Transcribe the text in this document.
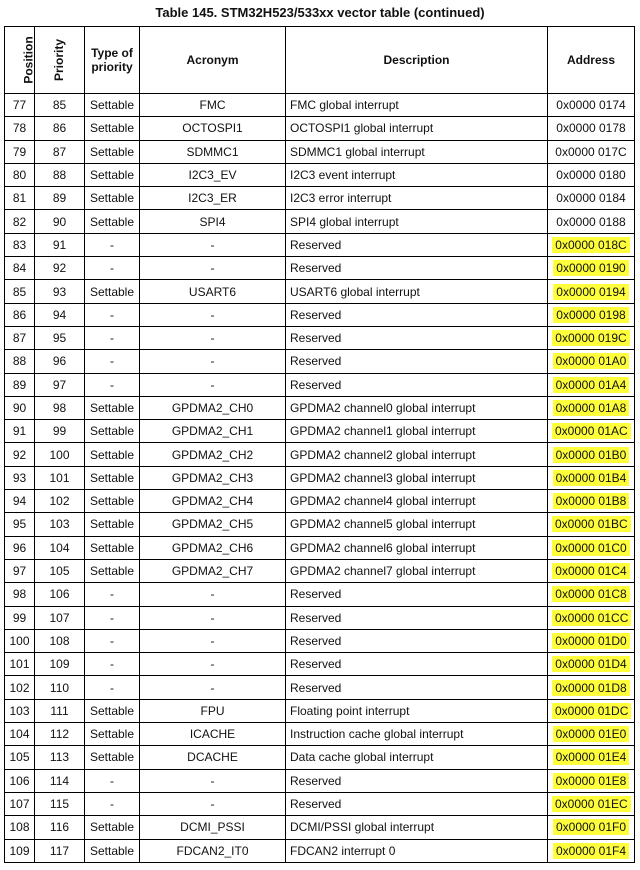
Table 145. STM32H523/533xx vector table (continued)
Position	Priority	Type of priority	Acronym	Description	Address
77	85	Settable	FMC	FMC global interrupt	0x0000 0174
78	86	Settable	OCTOSPI1	OCTOSPI1 global interrupt	0x0000 0178
79	87	Settable	SDMMC1	SDMMC1 global interrupt	0x0000 017C
80	88	Settable	I2C3_EV	I2C3 event interrupt	0x0000 0180
81	89	Settable	I2C3_ER	I2C3 error interrupt	0x0000 0184
82	90	Settable	SPI4	SPI4 global interrupt	0x0000 0188
83	91	-	-	Reserved	0x0000 018C
84	92	-	-	Reserved	0x0000 0190
85	93	Settable	USART6	USART6 global interrupt	0x0000 0194
86	94	-	-	Reserved	0x0000 0198
87	95	-	-	Reserved	0x0000 019C
88	96	-	-	Reserved	0x0000 01A0
89	97	-	-	Reserved	0x0000 01A4
90	98	Settable	GPDMA2_CH0	GPDMA2 channel0 global interrupt	0x0000 01A8
91	99	Settable	GPDMA2_CH1	GPDMA2 channel1 global interrupt	0x0000 01AC
92	100	Settable	GPDMA2_CH2	GPDMA2 channel2 global interrupt	0x0000 01B0
93	101	Settable	GPDMA2_CH3	GPDMA2 channel3 global interrupt	0x0000 01B4
94	102	Settable	GPDMA2_CH4	GPDMA2 channel4 global interrupt	0x0000 01B8
95	103	Settable	GPDMA2_CH5	GPDMA2 channel5 global interrupt	0x0000 01BC
96	104	Settable	GPDMA2_CH6	GPDMA2 channel6 global interrupt	0x0000 01C0
97	105	Settable	GPDMA2_CH7	GPDMA2 channel7 global interrupt	0x0000 01C4
98	106	-	-	Reserved	0x0000 01C8
99	107	-	-	Reserved	0x0000 01CC
100	108	-	-	Reserved	0x0000 01D0
101	109	-	-	Reserved	0x0000 01D4
102	110	-	-	Reserved	0x0000 01D8
103	111	Settable	FPU	Floating point interrupt	0x0000 01DC
104	112	Settable	ICACHE	Instruction cache global interrupt	0x0000 01E0
105	113	Settable	DCACHE	Data cache global interrupt	0x0000 01E4
106	114	-	-	Reserved	0x0000 01E8
107	115	-	-	Reserved	0x0000 01EC
108	116	Settable	DCMI_PSSI	DCMI/PSSI global interrupt	0x0000 01F0
109	117	Settable	FDCAN2_IT0	FDCAN2 interrupt 0	0x0000 01F4
